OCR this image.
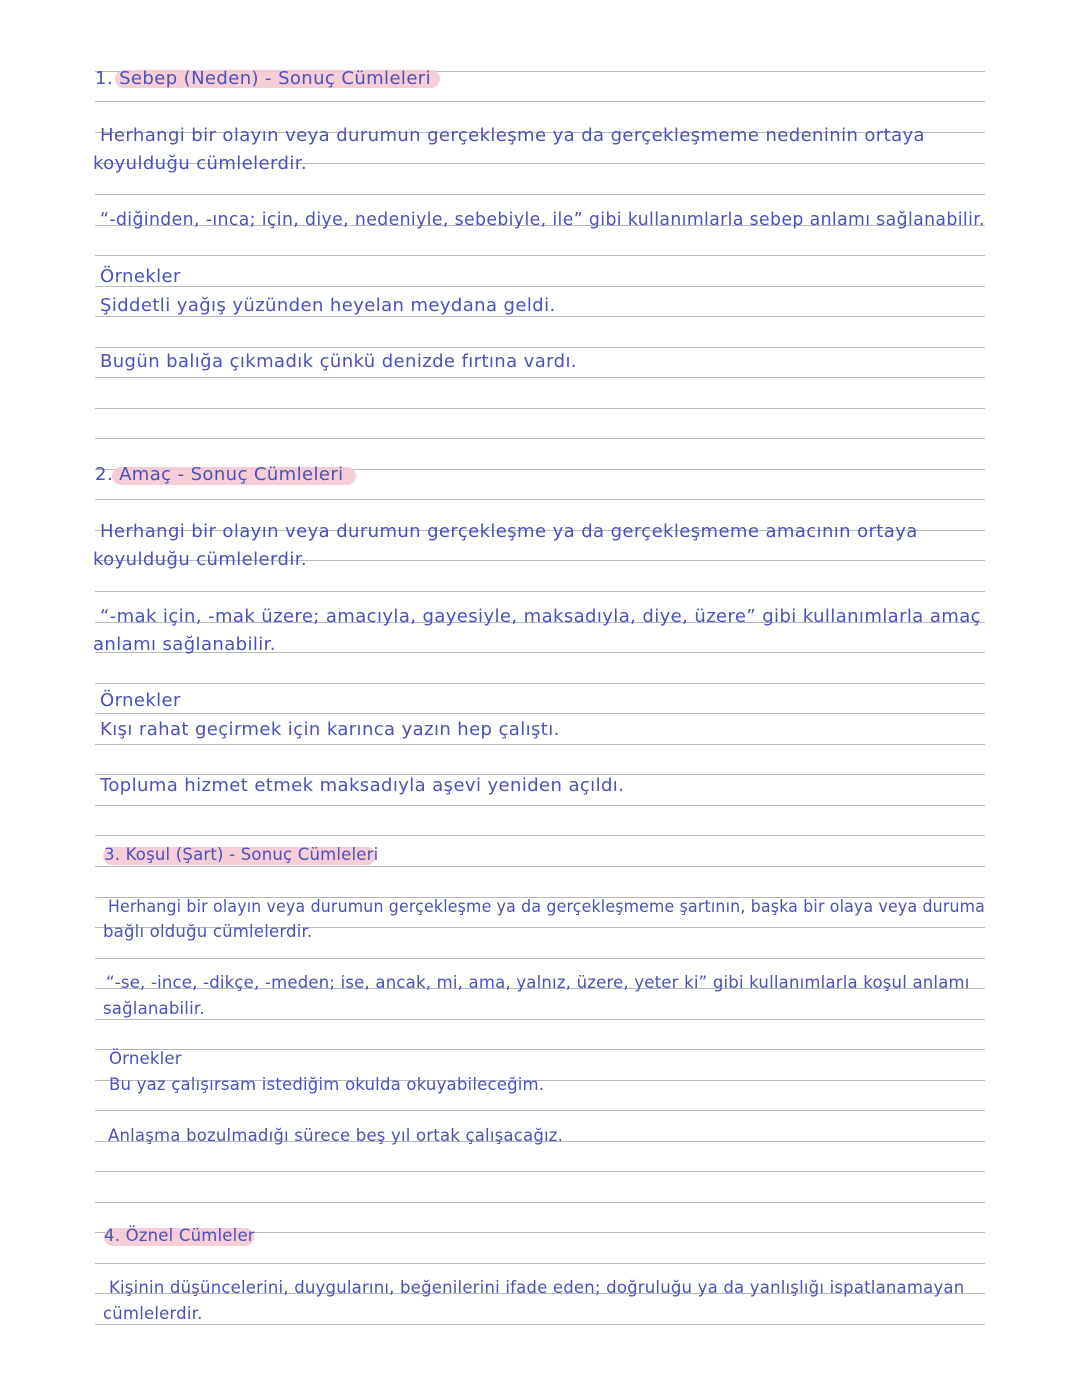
1. Sebep (Neden) - Sonuç Cümleleri
Herhangi bir olayın veya durumun gerçekleşme ya da gerçekleşmeme nedeninin ortaya
koyulduğu cümlelerdir.
“-diğinden, -ınca; için, diye, nedeniyle, sebebiyle, ile” gibi kullanımlarla sebep anlamı sağlanabilir.
Örnekler
Şiddetli yağış yüzünden heyelan meydana geldi.
Bugün balığa çıkmadık çünkü denizde fırtına vardı.
2. Amaç - Sonuç Cümleleri
Herhangi bir olayın veya durumun gerçekleşme ya da gerçekleşmeme amacının ortaya
koyulduğu cümlelerdir.
“-mak için, -mak üzere; amacıyla, gayesiyle, maksadıyla, diye, üzere” gibi kullanımlarla amaç
anlamı sağlanabilir.
Örnekler
Kışı rahat geçirmek için karınca yazın hep çalıştı.
Topluma hizmet etmek maksadıyla aşevi yeniden açıldı.
3. Koşul (Şart) - Sonuç Cümleleri
Herhangi bir olayın veya durumun gerçekleşme ya da gerçekleşmeme şartının, başka bir olaya veya duruma
bağlı olduğu cümlelerdir.
“-se, -ince, -dikçe, -meden; ise, ancak, mi, ama, yalnız, üzere, yeter ki” gibi kullanımlarla koşul anlamı
sağlanabilir.
Örnekler
Bu yaz çalışırsam istediğim okulda okuyabileceğim.
Anlaşma bozulmadığı sürece beş yıl ortak çalışacağız.
4. Öznel Cümleler
Kişinin düşüncelerini, duygularını, beğenilerini ifade eden; doğruluğu ya da yanlışlığı ispatlanamayan
cümlelerdir.
